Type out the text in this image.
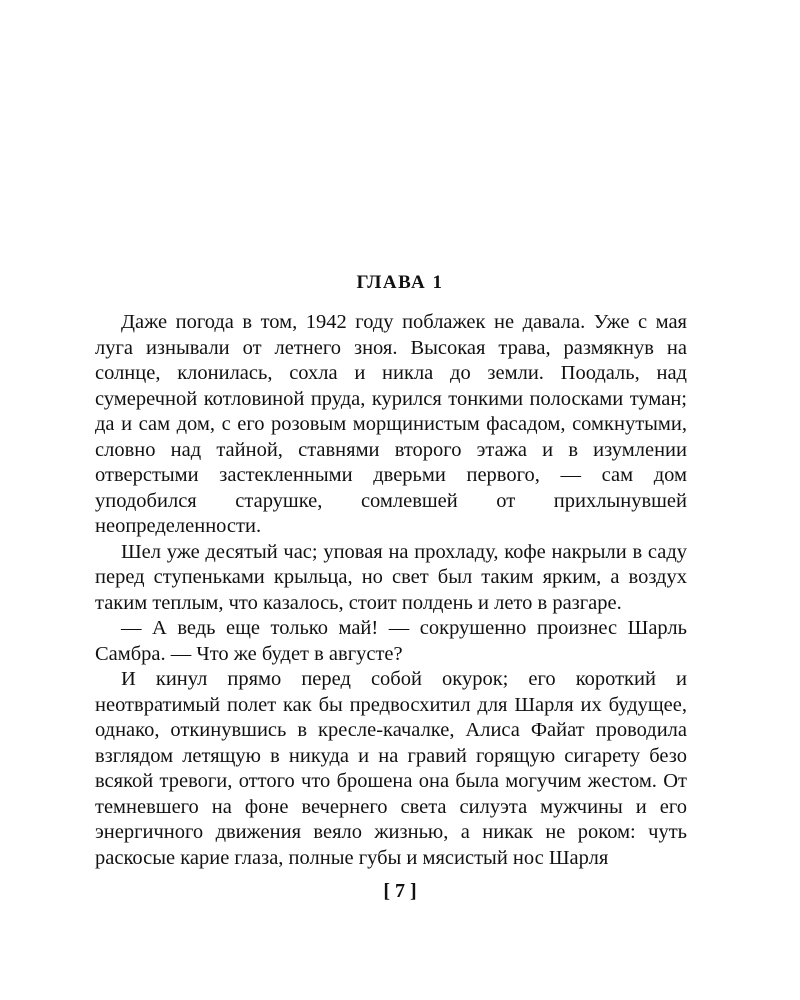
ГЛАВА 1

Даже погода в том, 1942 году поблажек не давала. Уже с мая луга изнывали от летнего зноя. Высокая трава, размякнув на солнце, клонилась, сохла и никла до земли. Поодаль, над сумеречной котловиной пруда, курился тонкими полосками туман; да и сам дом, с его розовым морщинистым фасадом, сомкнутыми, словно над тайной, ставнями второго этажа и в изумлении отверстыми застекленными дверьми первого, — сам дом уподобился старушке, сомлевшей от прихлынувшей неопределенности.

Шел уже десятый час; уповая на прохладу, кофе накрыли в саду перед ступеньками крыльца, но свет был таким ярким, а воздух таким теплым, что казалось, стоит полдень и лето в разгаре.

— А ведь еще только май! — сокрушенно произнес Шарль Самбра. — Что же будет в августе?

И кинул прямо перед собой окурок; его короткий и неотвратимый полет как бы предвосхитил для Шарля их будущее, однако, откинувшись в кресле-качалке, Алиса Файат проводила взглядом летящую в никуда и на гравий горящую сигарету безо всякой тревоги, оттого что брошена она была могучим жестом. От темневшего на фоне вечернего света силуэта мужчины и его энергичного движения веяло жизнью, а никак не роком: чуть раскосые карие глаза, полные губы и мясистый нос Шарля

[ 7 ]
